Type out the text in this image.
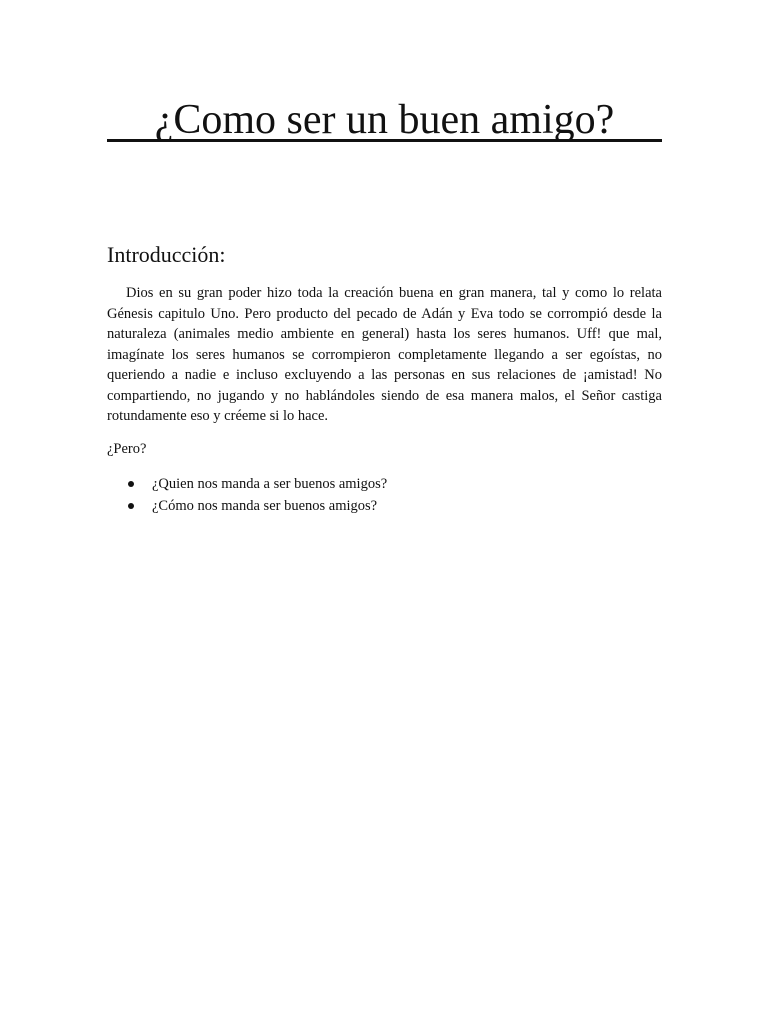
¿Como ser un buen amigo?
Introducción:

Dios en su gran poder hizo toda la creación buena en gran manera, tal y como lo relata Génesis capitulo Uno. Pero producto del pecado de Adán y Eva todo se corrompió desde la naturaleza (animales medio ambiente en general) hasta los seres humanos. Uff! que mal, imagínate los seres humanos se corrompieron completamente llegando a ser egoístas, no queriendo a nadie e incluso excluyendo a las personas en sus relaciones de ¡amistad! No compartiendo, no jugando y no hablándoles siendo de esa manera malos, el Señor castiga rotundamente eso y créeme si lo hace.

¿Pero?

¿Quien nos manda a ser buenos amigos?
¿Cómo nos manda ser buenos amigos?
